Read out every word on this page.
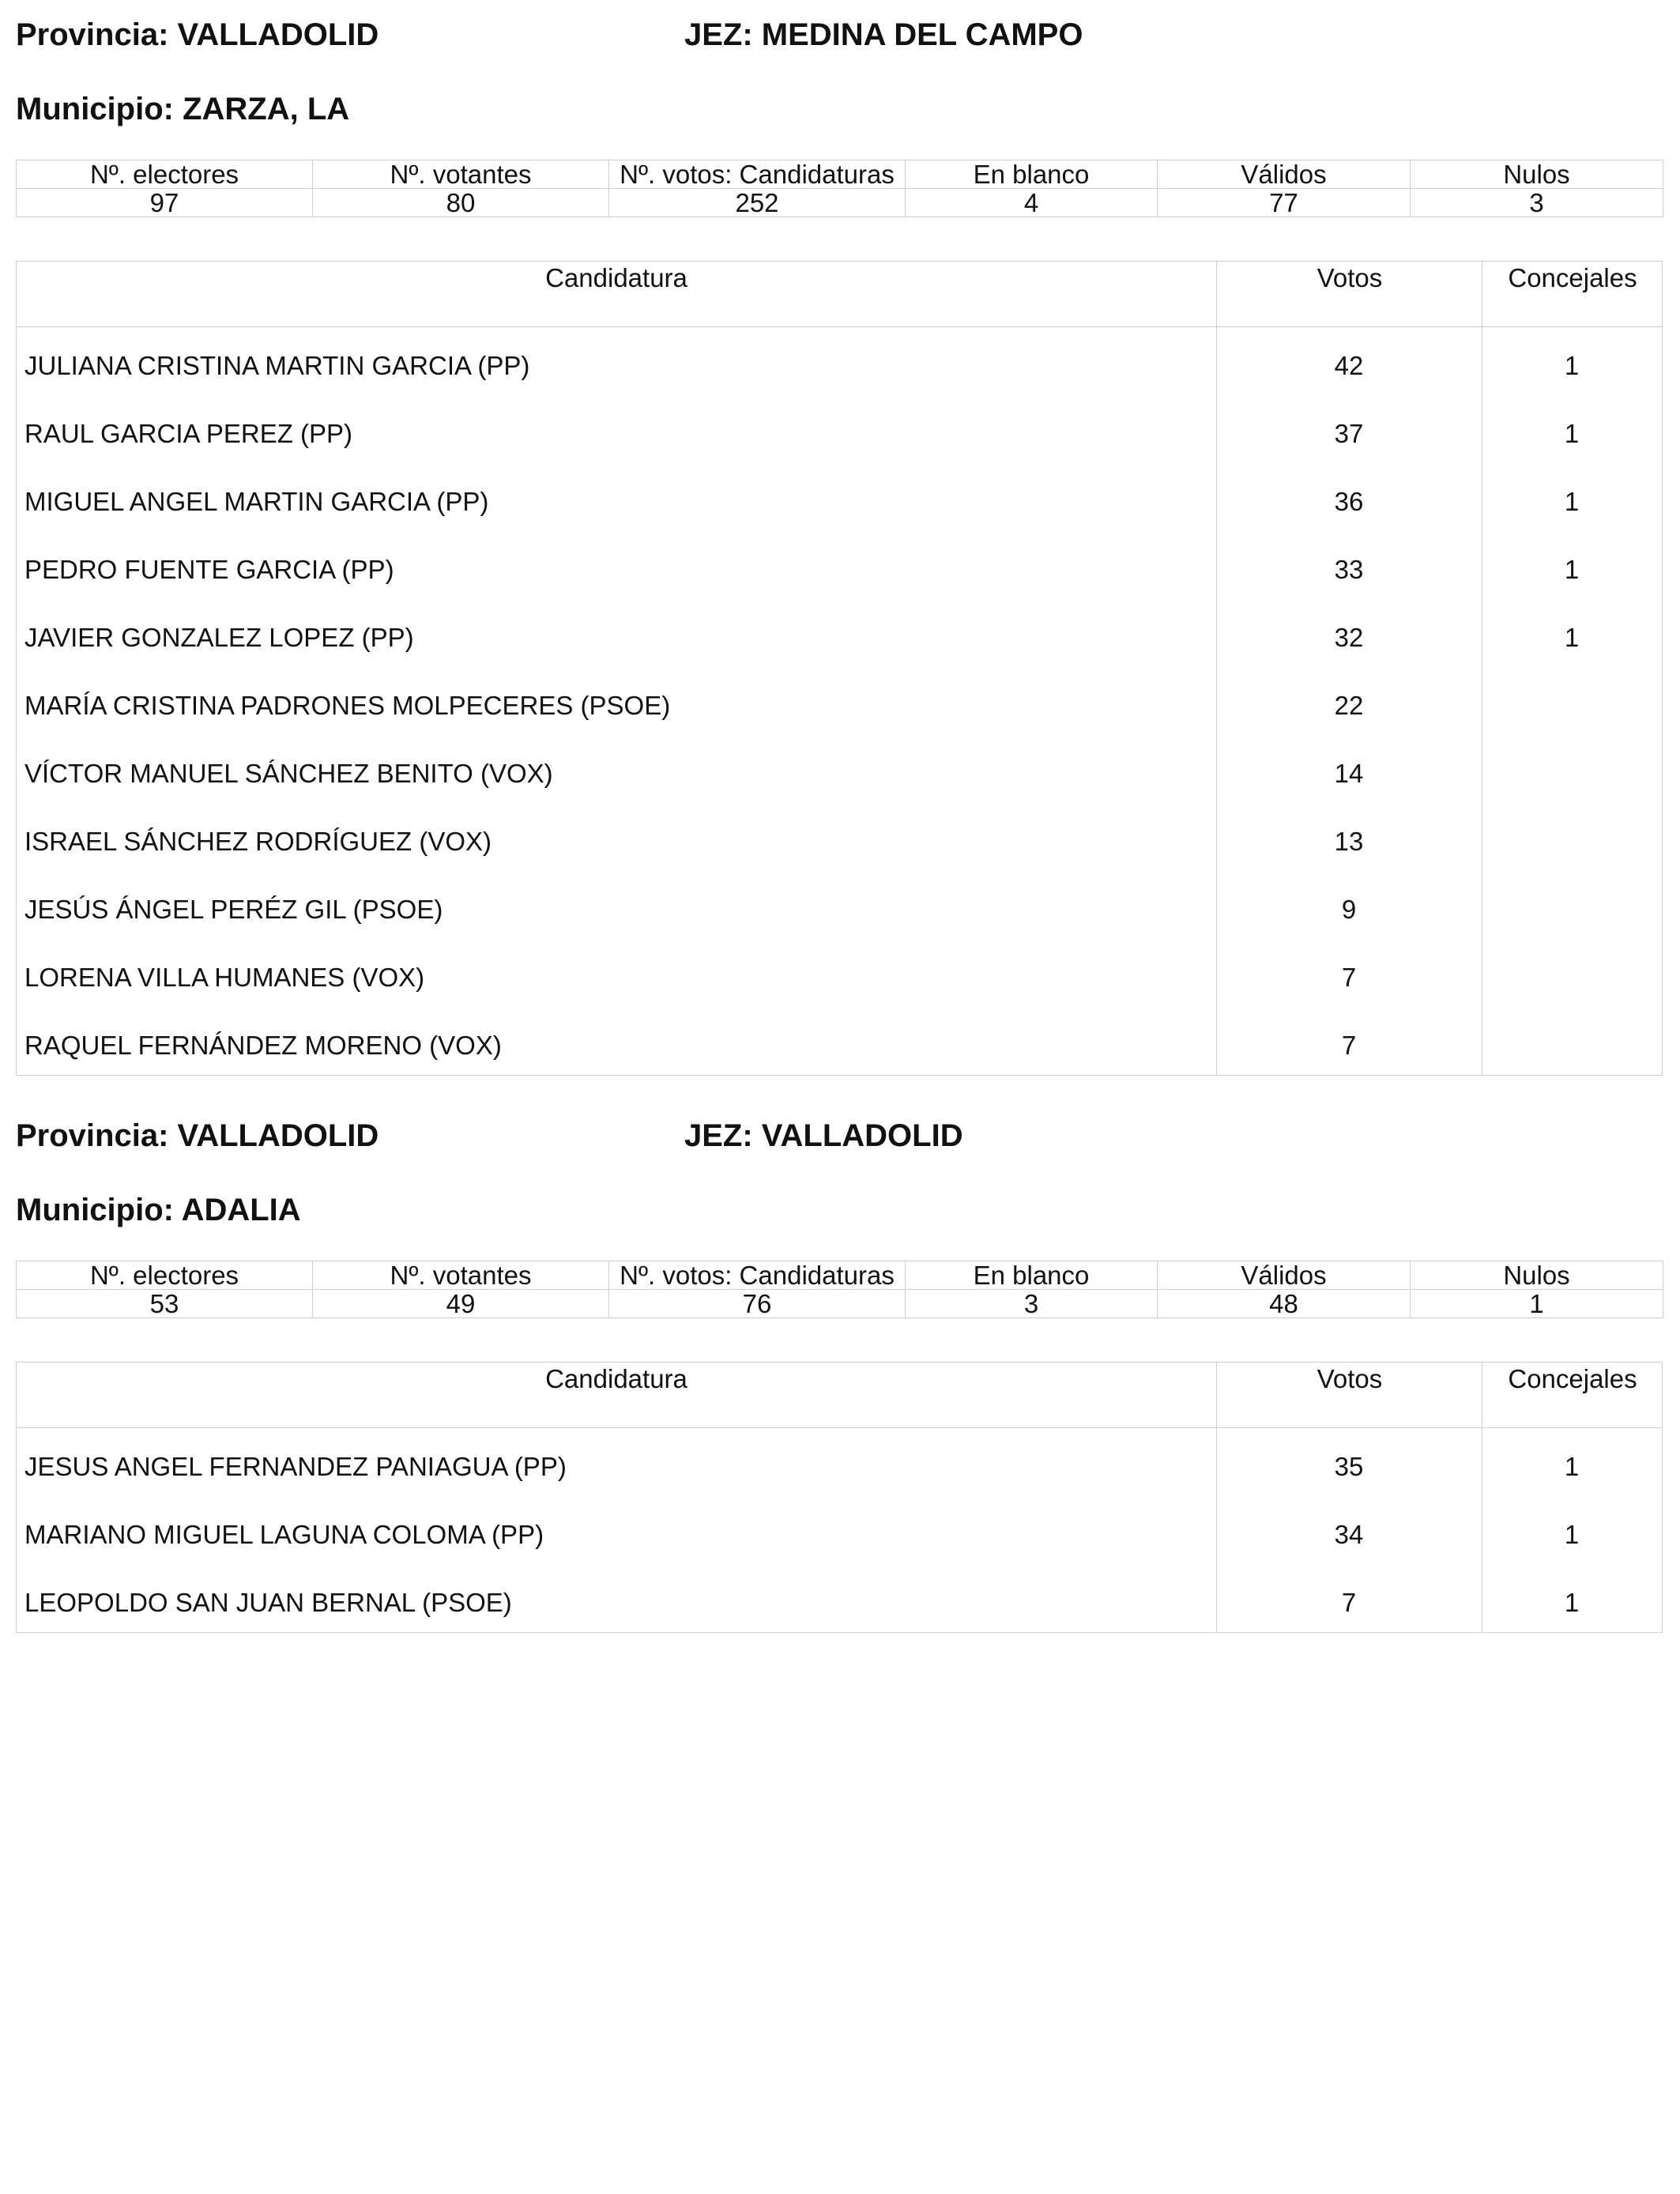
Provincia: VALLADOLID	JEZ: MEDINA DEL CAMPO
Municipio: ZARZA, LA
Nº. electores	Nº. votantes	Nº. votos: Candidaturas	En blanco	Válidos	Nulos
97	80	252	4	77	3
Candidatura	Votos	Concejales
JULIANA CRISTINA MARTIN GARCIA (PP)	42	1
RAUL GARCIA PEREZ (PP)	37	1
MIGUEL ANGEL MARTIN GARCIA (PP)	36	1
PEDRO FUENTE GARCIA (PP)	33	1
JAVIER GONZALEZ LOPEZ (PP)	32	1
MARÍA CRISTINA PADRONES MOLPECERES (PSOE)	22
VÍCTOR MANUEL SÁNCHEZ BENITO (VOX)	14
ISRAEL SÁNCHEZ RODRÍGUEZ (VOX)	13
JESÚS ÁNGEL PERÉZ GIL (PSOE)	9
LORENA VILLA HUMANES (VOX)	7
RAQUEL FERNÁNDEZ MORENO (VOX)	7
Provincia: VALLADOLID	JEZ: VALLADOLID
Municipio: ADALIA
Nº. electores	Nº. votantes	Nº. votos: Candidaturas	En blanco	Válidos	Nulos
53	49	76	3	48	1
Candidatura	Votos	Concejales
JESUS ANGEL FERNANDEZ PANIAGUA (PP)	35	1
MARIANO MIGUEL LAGUNA COLOMA (PP)	34	1
LEOPOLDO SAN JUAN BERNAL (PSOE)	7	1
